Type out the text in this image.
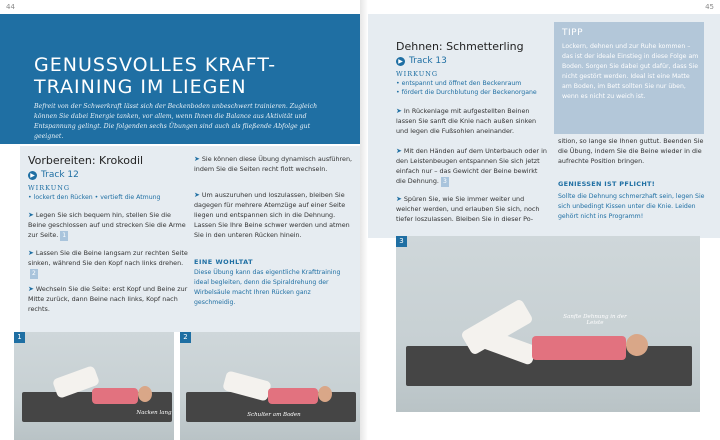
44
GENUSSVOLLES KRAFT-
TRAINING IM LIEGEN
Befreit von der Schwerkraft lässt sich der Beckenboden unbeschwert trainieren. Zugleich können Sie dabei Energie tanken, vor allem, wenn Ihnen die Balance aus Aktivität und Entspannung gelingt. Die folgenden sechs Übungen sind auch als fließende Abfolge gut geeignet.
Vorbereiten: Krokodil
▶ Track 12
WIRKUNG
• lockert den Rücken • vertieft die Atmung
➤ Legen Sie sich bequem hin, stellen Sie die Beine geschlossen auf und strecken Sie die Arme zur Seite. 1
➤ Lassen Sie die Beine langsam zur rechten Seite sinken, während Sie den Kopf nach links drehen.2
➤ Wechseln Sie die Seite: erst Kopf und Beine zur Mitte zurück, dann Beine nach links, Kopf nach rechts.
➤ Sie können diese Übung dynamisch ausführen, indem Sie die Seiten recht flott wechseln.
➤ Um auszuruhen und loszulassen, bleiben Sie dagegen für mehrere Atemzüge auf einer Seite liegen und entspannen sich in die Dehnung. Lassen Sie Ihre Beine schwer werden und atmen Sie in den unteren Rücken hinein.
EINE WOHLTAT
Diese Übung kann das eigentliche Krafttraining ideal begleiten, denn die Spiraldrehung der Wirbelsäule macht Ihren Rücken ganz geschmeidig.
1
Nacken lang
2
Schulter am Boden
45
Dehnen: Schmetterling
▶ Track 13
WIRKUNG
• entspannt und öffnet den Beckenraum
• fördert die Durchblutung der Beckenorgane
➤ In Rückenlage mit aufgestellten Beinen lassen Sie sanft die Knie nach außen sinken und legen die Fußsohlen aneinander.
➤ Mit den Händen auf dem Unterbauch oder in den Leistenbeugen entspannen Sie sich jetzt einfach nur – das Gewicht der Beine bewirkt die Dehnung. 3
➤ Spüren Sie, wie Sie immer weiter und weicher werden, und erlauben Sie sich, noch tiefer loszulassen. Bleiben Sie in dieser Po-
TIPP
Lockern, dehnen und zur Ruhe kommen – das ist der ideale Einstieg in diese Folge am Boden. Sorgen Sie dabei gut dafür, dass Sie nicht gestört werden. Ideal ist eine Matte am Boden, im Bett sollten Sie nur üben, wenn es nicht zu weich ist.
sition, so lange sie Ihnen guttut. Beenden Sie die Übung, indem Sie die Beine wieder in die aufrechte Position bringen.
GENIESSEN IST PFLICHT!
Sollte die Dehnung schmerzhaft sein, legen Sie sich unbedingt Kissen unter die Knie. Leiden gehört nicht ins Programm!
3
Sanfte Dehnung in der Leiste
